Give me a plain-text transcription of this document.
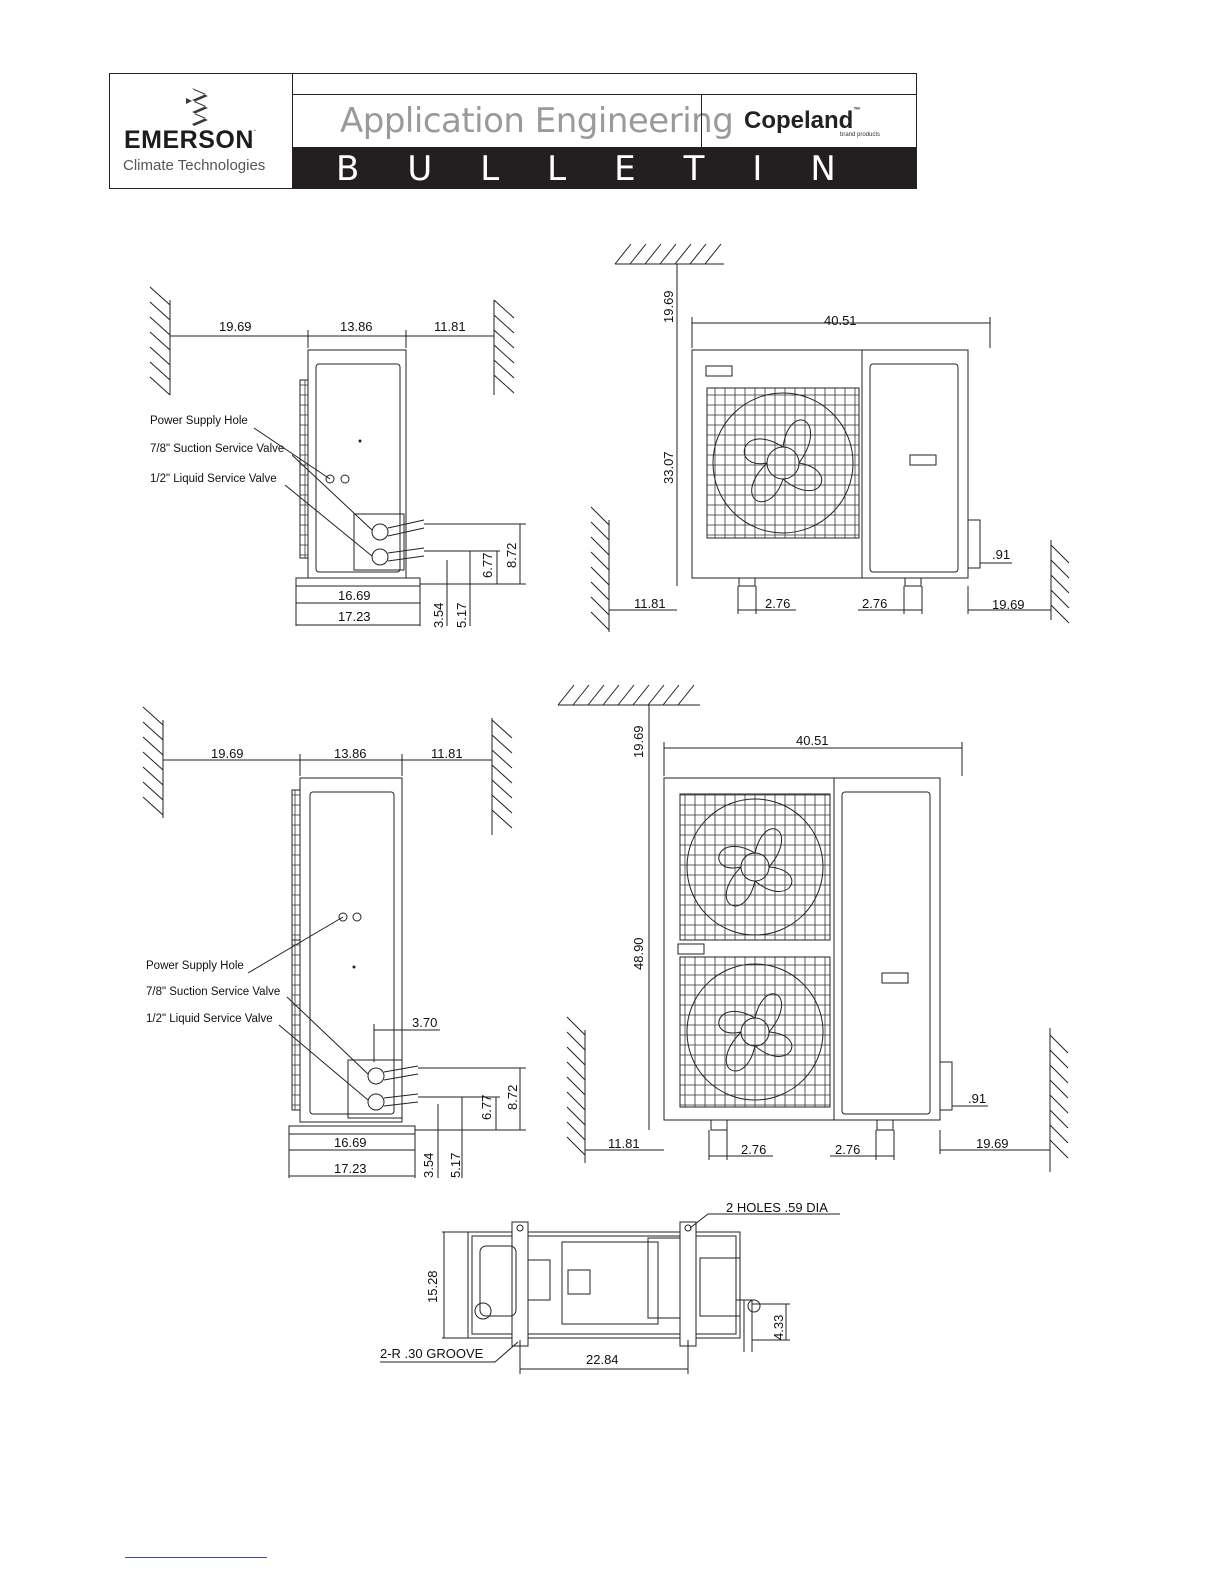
EMERSON.
Climate Technologies
Application Engineering Copeland™
brand products
BULLETIN
19.69	13.86	11.81
Power Supply Hole
7/8" Suction Service Valve
1/2" Liquid Service Valve
16.69
17.23	3.54 5.17
6.77 8.72
19.69	40.51
33.07
11.81	2.76	2.76
.91
19.69
19.69	13.86	11.81
Power Supply Hole
7/8" Suction Service Valve
1/2" Liquid Service Valve	3.70
16.69
17.23	3.54 5.17
6.77 8.72
19.69	40.51
48.90
11.81	2.76	2.76
.91
19.69
2 HOLES .59 DIA
15.28
2-R .30 GROOVE	22.84
4.33
